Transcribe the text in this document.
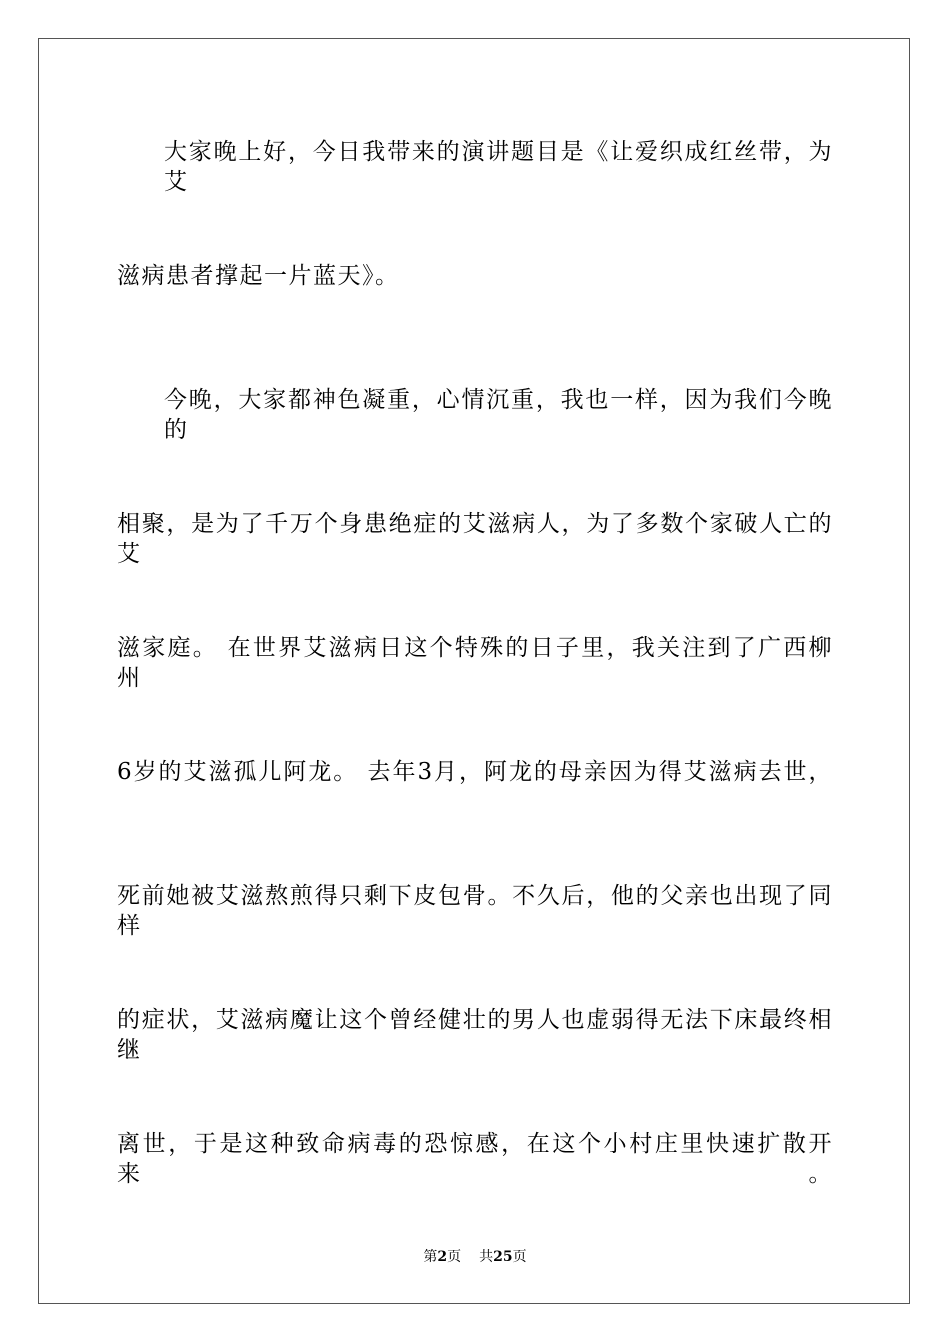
大家晚上好，今日我带来的演讲题目是《让爱织成红丝带，为艾
滋病患者撑起一片蓝天》。
今晚，大家都神色凝重，心情沉重，我也一样，因为我们今晚的
相聚，是为了千万个身患绝症的艾滋病人，为了多数个家破人亡的艾
滋家庭。 在世界艾滋病日这个特殊的日子里，我关注到了广西柳州
6岁的艾滋孤儿阿龙。 去年3月，阿龙的母亲因为得艾滋病去世，
死前她被艾滋熬煎得只剩下皮包骨。不久后，他的父亲也出现了同样
的症状，艾滋病魔让这个曾经健壮的男人也虚弱得无法下床最终相继
离世，于是这种致命病毒的恐惊感，在这个小村庄里快速扩散开来。
第2页 共25页
